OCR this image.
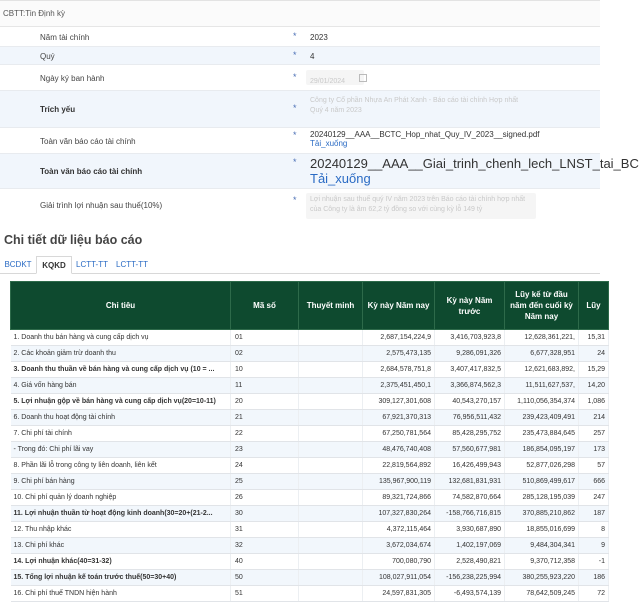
CBTT:Tin Định kỳ
Năm tài chính	* 2023
Quý	* 4
Ngày ký ban hành	*	29/01/2024
Trích yếu	*
Công ty Cổ phần Nhựa An Phát Xanh - Báo cáo tài chính Hợp nhất Quý 4 năm 2023
Toàn văn báo cáo tài chính
* 20240129__AAA__BCTC_Hop_nhat_Quy_IV_2023__signed.pdf
Tải_xuống
Toàn văn báo cáo tài chính
* 20240129__AAA__Giai_trinh_chenh_lech_LNST_tai_BC
Tải_xuống
Giải trình lợi nhuận sau thuế(10%)
*	Lợi nhuận sau thuế quý IV năm 2023 trên Báo cáo tài chính hợp nhất của Công ty là âm 62,2 tỷ đồng so với cùng kỳ lỗ 149 tỷ
Chi tiết dữ liệu báo cáo
BCDKT	KQKD	LCTT-TT	LCTT-TT
Chỉ tiêu	Mã số	Thuyết minh	Kỳ này Năm nay	Kỳ này Năm trước	Lũy kế từ đầu năm đến cuối kỳ Năm nay	Lũy
1. Doanh thu bán hàng và cung cấp dịch vụ	01		2,687,154,224,9	3,416,703,923,8	12,628,361,221,	15,31
2. Các khoản giảm trừ doanh thu	02		2,575,473,135	9,286,091,326	6,677,328,951	24
3. Doanh thu thuần về bán hàng và cung cấp dịch vụ (10 = ...	10		2,684,578,751,8	3,407,417,832,5	12,621,683,892,	15,29
4. Giá vốn hàng bán	11		2,375,451,450,1	3,366,874,562,3	11,511,627,537,	14,20
5. Lợi nhuận gộp về bán hàng và cung cấp dịch vụ(20=10-11)	20		309,127,301,608	40,543,270,157	1,110,056,354,374	1,086
6. Doanh thu hoạt động tài chính	21		67,921,370,313	76,956,511,432	239,423,409,491	214
7. Chi phí tài chính	22		67,250,781,564	85,428,295,752	235,473,884,645	257
- Trong đó: Chi phí lãi vay	23		48,476,740,408	57,560,677,981	186,854,095,197	173
8. Phần lãi lỗ trong công ty liên doanh, liên kết	24		22,819,564,892	16,426,499,943	52,877,026,298	57
9. Chi phí bán hàng	25		135,967,900,119	132,681,831,931	510,869,499,617	666
10. Chi phí quản lý doanh nghiệp	26		89,321,724,866	74,582,870,664	285,128,195,039	247
11. Lợi nhuận thuần từ hoạt động kinh doanh(30=20+(21-2...	30		107,327,830,264	-158,766,716,815	370,885,210,862	187
12. Thu nhập khác	31		4,372,115,464	3,930,687,890	18,855,016,699	8
13. Chi phí khác	32		3,672,034,674	1,402,197,069	9,484,304,341	9
14. Lợi nhuận khác(40=31-32)	40		700,080,790	2,528,490,821	9,370,712,358	-1
15. Tổng lợi nhuận kế toán trước thuế(50=30+40)	50		108,027,911,054	-156,238,225,994	380,255,923,220	186
16. Chi phí thuế TNDN hiện hành	51		24,597,831,305	-6,493,574,139	78,642,509,245	72
